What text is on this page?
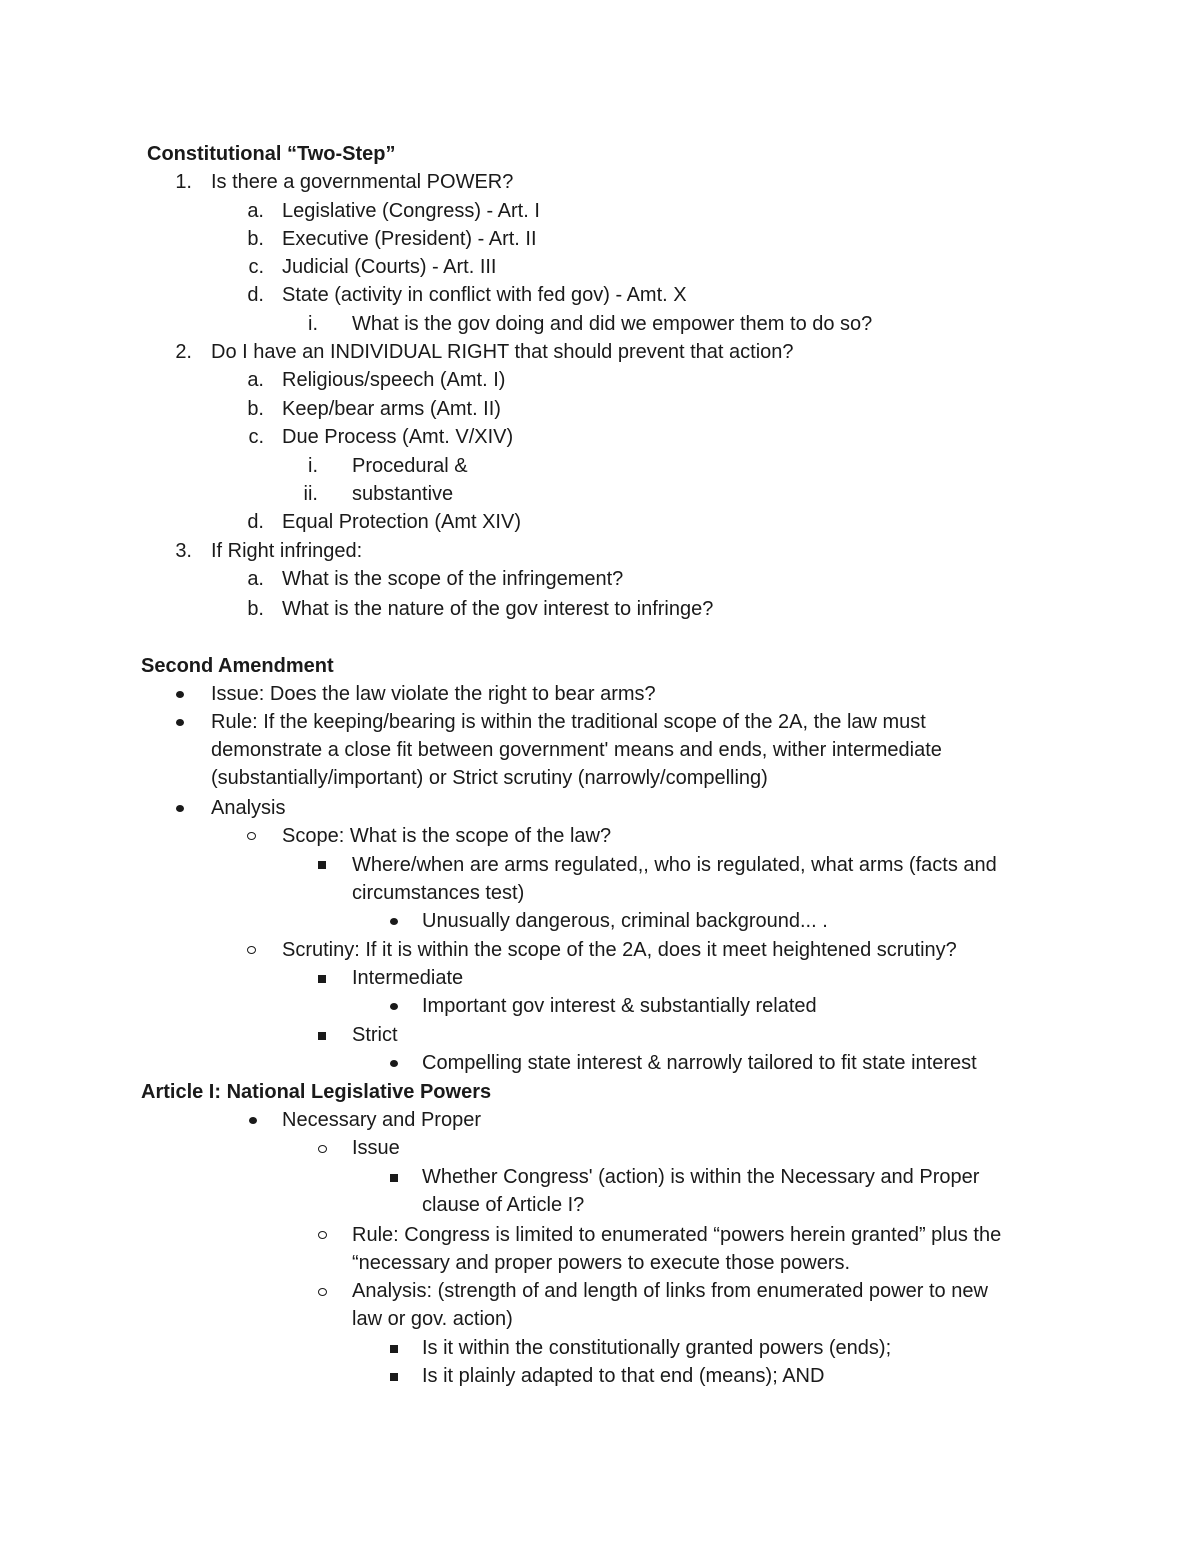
Constitutional “Two-Step”
1. Is there a governmental POWER?
a. Legislative (Congress) - Art. I
b. Executive (President) - Art. II
c. Judicial (Courts) - Art. III
d. State (activity in conflict with fed gov) - Amt. X
i. What is the gov doing and did we empower them to do so?
2. Do I have an INDIVIDUAL RIGHT that should prevent that action?
a. Religious/speech (Amt. I)
b. Keep/bear arms (Amt. II)
c. Due Process (Amt. V/XIV)
i. Procedural &
ii. substantive
d. Equal Protection (Amt XIV)
3. If Right infringed:
a. What is the scope of the infringement?
b. What is the nature of the gov interest to infringe?
Second Amendment
Issue: Does the law violate the right to bear arms?
Rule: If the keeping/bearing is within the traditional scope of the 2A, the law must
demonstrate a close fit between government' means and ends, wither intermediate
(substantially/important) or Strict scrutiny (narrowly/compelling)
Analysis
Scope: What is the scope of the law?
Where/when are arms regulated,, who is regulated, what arms (facts and
circumstances test)
Unusually dangerous, criminal background... .
Scrutiny: If it is within the scope of the 2A, does it meet heightened scrutiny?
Intermediate
Important gov interest & substantially related
Strict
Compelling state interest & narrowly tailored to fit state interest
Article I: National Legislative Powers
Necessary and Proper
Issue
Whether Congress' (action) is within the Necessary and Proper
clause of Article I?
Rule: Congress is limited to enumerated “powers herein granted” plus the
“necessary and proper powers to execute those powers.
Analysis: (strength of and length of links from enumerated power to new
law or gov. action)
Is it within the constitutionally granted powers (ends);
Is it plainly adapted to that end (means); AND
